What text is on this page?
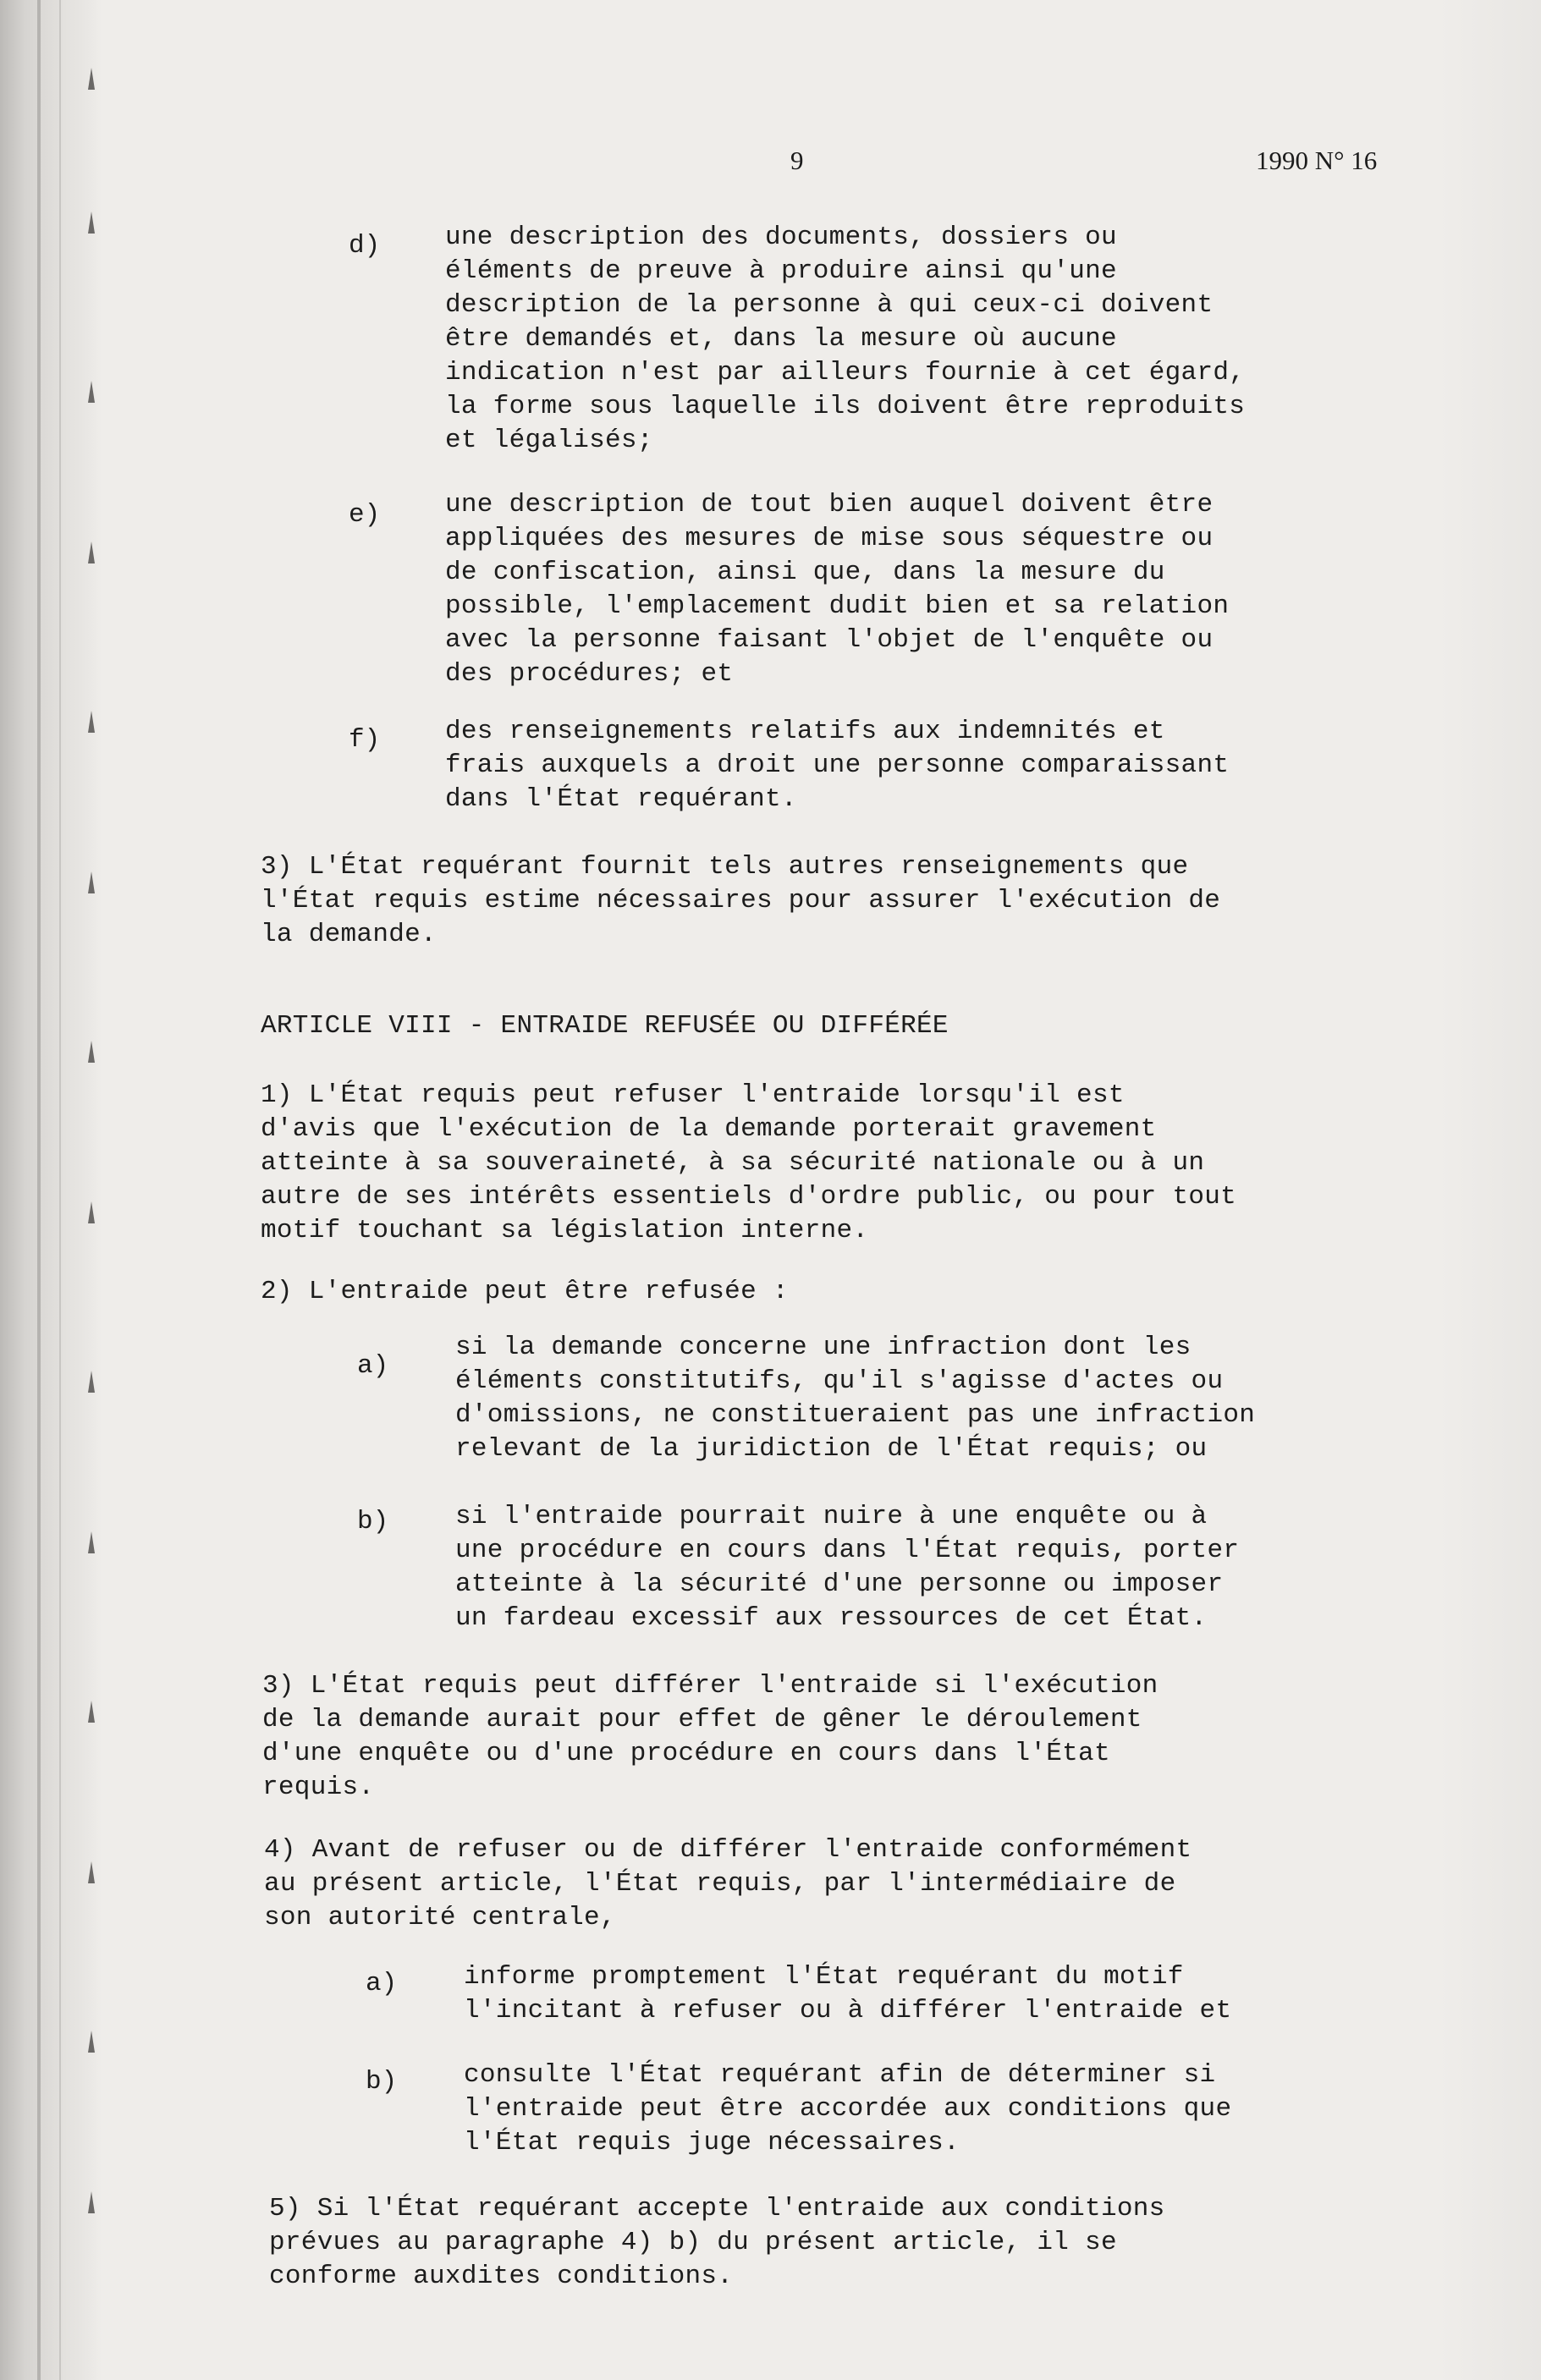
9	1990 N° 16
d) une description des documents, dossiers ou
éléments de preuve à produire ainsi qu'une
description de la personne à qui ceux-ci doivent
être demandés et, dans la mesure où aucune
indication n'est par ailleurs fournie à cet égard,
la forme sous laquelle ils doivent être reproduits
et légalisés;
e) une description de tout bien auquel doivent être
appliquées des mesures de mise sous séquestre ou
de confiscation, ainsi que, dans la mesure du
possible, l'emplacement dudit bien et sa relation
avec la personne faisant l'objet de l'enquête ou
des procédures; et
f) des renseignements relatifs aux indemnités et
frais auxquels a droit une personne comparaissant
dans l'État requérant.
3) L'État requérant fournit tels autres renseignements que
l'État requis estime nécessaires pour assurer l'exécution de
la demande.
ARTICLE VIII - ENTRAIDE REFUSÉE OU DIFFÉRÉE
1) L'État requis peut refuser l'entraide lorsqu'il est
d'avis que l'exécution de la demande porterait gravement
atteinte à sa souveraineté, à sa sécurité nationale ou à un
autre de ses intérêts essentiels d'ordre public, ou pour tout
motif touchant sa législation interne.
2) L'entraide peut être refusée :
a)
si la demande concerne une infraction dont les
éléments constitutifs, qu'il s'agisse d'actes ou
d'omissions, ne constitueraient pas une infraction
relevant de la juridiction de l'État requis; ou
b)	si l'entraide pourrait nuire à une enquête ou à
une procédure en cours dans l'État requis, porter
atteinte à la sécurité d'une personne ou imposer
un fardeau excessif aux ressources de cet État.
3) L'État requis peut différer l'entraide si l'exécution
de la demande aurait pour effet de gêner le déroulement
d'une enquête ou d'une procédure en cours dans l'État
requis.
4) Avant de refuser ou de différer l'entraide conformément
au présent article, l'État requis, par l'intermédiaire de
son autorité centrale,
a)	informe promptement l'État requérant du motif
l'incitant à refuser ou à différer l'entraide et
b)	consulte l'État requérant afin de déterminer si
l'entraide peut être accordée aux conditions que
l'État requis juge nécessaires.
5) Si l'État requérant accepte l'entraide aux conditions
prévues au paragraphe 4) b) du présent article, il se
conforme auxdites conditions.
